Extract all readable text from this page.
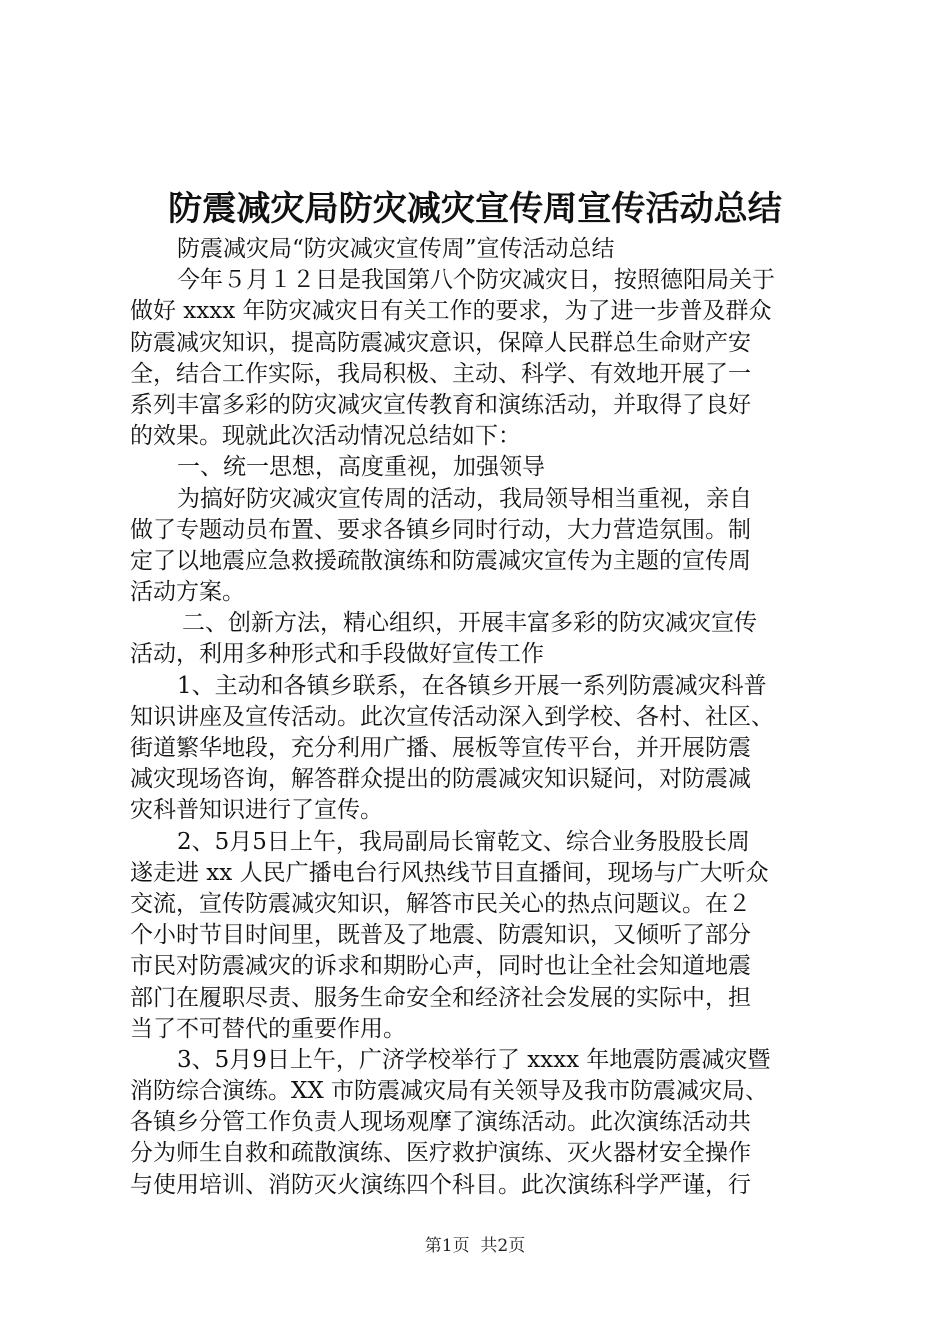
防震减灾局防灾减灾宣传周宣传活动总结
防震减灾局“防灾减灾宣传周”宣传活动总结
今年５月１２日是我国第八个防灾减灾日，按照德阳局关于
做好 xxxx 年防灾减灾日有关工作的要求，为了进一步普及群众
防震减灾知识，提高防震减灾意识，保障人民群总生命财产安
全，结合工作实际，我局积极、主动、科学、有效地开展了一
系列丰富多彩的防灾减灾宣传教育和演练活动，并取得了良好
的效果。现就此次活动情况总结如下：
一、统一思想，高度重视，加强领导
为搞好防灾减灾宣传周的活动，我局领导相当重视，亲自
做了专题动员布置、要求各镇乡同时行动，大力营造氛围。制
定了以地震应急救援疏散演练和防震减灾宣传为主题的宣传周
活动方案。
二、创新方法，精心组织，开展丰富多彩的防灾减灾宣传
活动，利用多种形式和手段做好宣传工作
1、主动和各镇乡联系，在各镇乡开展一系列防震减灾科普
知识讲座及宣传活动。此次宣传活动深入到学校、各村、社区、
街道繁华地段，充分利用广播、展板等宣传平台，并开展防震
减灾现场咨询，解答群众提出的防震减灾知识疑问，对防震减
灾科普知识进行了宣传。
2、5月5日上午，我局副局长甯乾文、综合业务股股长周
遂走进 xx 人民广播电台行风热线节目直播间，现场与广大听众
交流，宣传防震减灾知识，解答市民关心的热点问题议。在２
个小时节目时间里，既普及了地震、防震知识，又倾听了部分
市民对防震减灾的诉求和期盼心声，同时也让全社会知道地震
部门在履职尽责、服务生命安全和经济社会发展的实际中，担
当了不可替代的重要作用。
3、5月9日上午，广济学校举行了 xxxx 年地震防震减灾暨
消防综合演练。XX 市防震减灾局有关领导及我市防震减灾局、
各镇乡分管工作负责人现场观摩了演练活动。此次演练活动共
分为师生自救和疏散演练、医疗救护演练、灭火器材安全操作
与使用培训、消防灭火演练四个科目。此次演练科学严谨，行
第1页  共2页
